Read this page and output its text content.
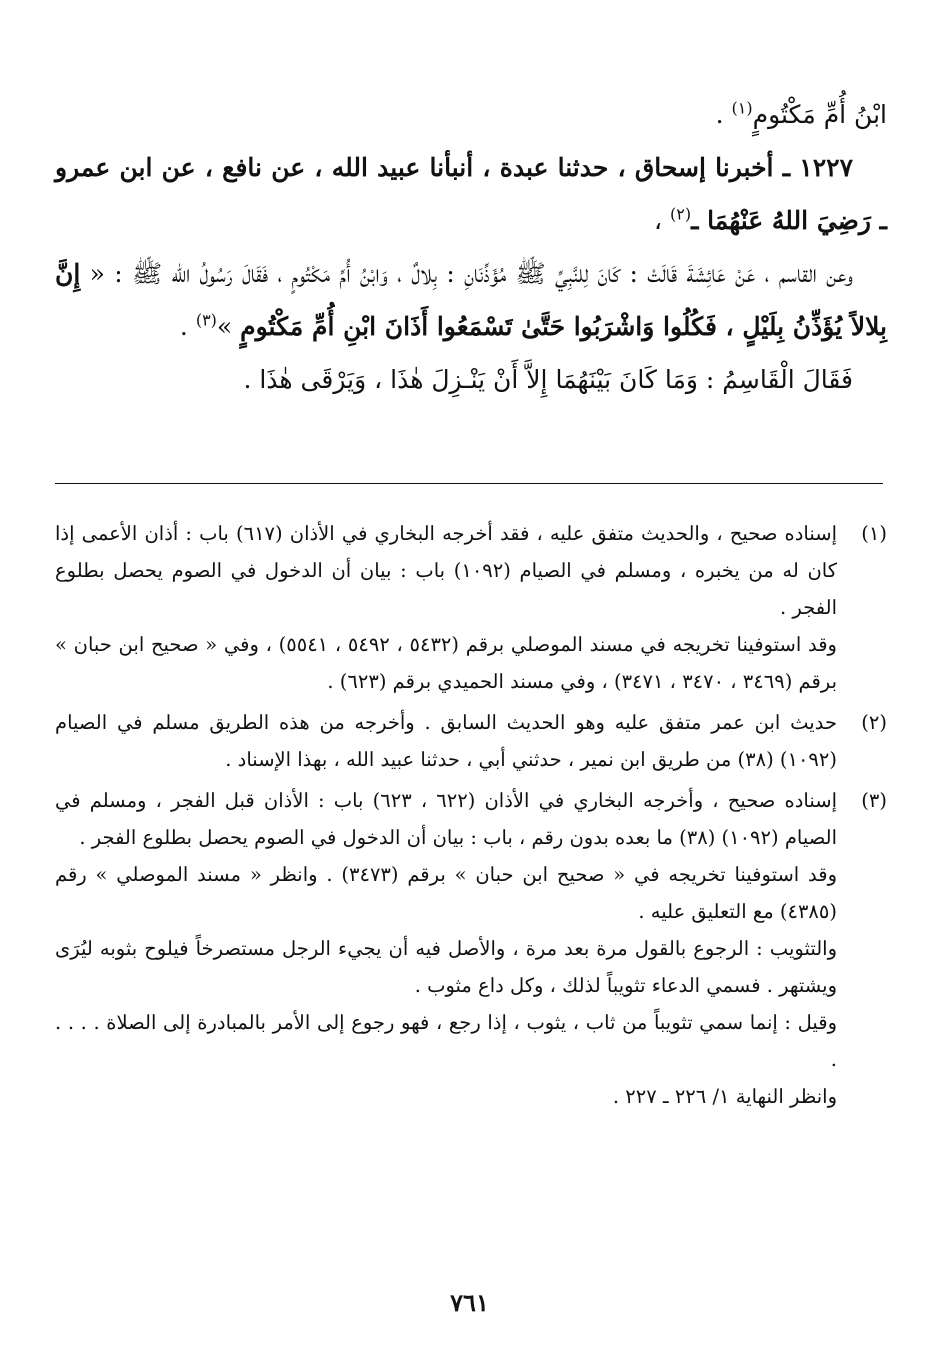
ابْنُ أُمِّ مَكْتُومٍ$^{(١)}$ .

١٢٢٧ ـ أخبرنا إسحاق ، حدثنا عبدة ، أنبأنا عبيد الله ، عن نافع ، عن ابن عمرو ـ رَضِيَ اللهُ عَنْهُمَا ـ$^{(٢)}$ ،

وعن القاسم ، عَنْ عَائِشَةَ قَالَتْ : كَانَ لِلنَّبِيِّ ﷺ مُؤَذِّنَانِ : بِلالٌ ، وَابْنُ أُمِّ مَكْتُومٍ ، فَقَالَ رَسُولُ الله ﷺ : « إِنَّ بِلالاً يُؤَذِّنُ بِلَيْلٍ ، فَكُلُوا وَاشْرَبُوا حَتَّىٰ تَسْمَعُوا أَذَانَ ابْنِ أُمِّ مَكْتُومٍ »$^{(٣)}$ .

فَقَالَ الْقَاسِمُ : وَمَا كَانَ بَيْنَهُمَا إِلاَّ أَنْ يَنْـزِلَ هٰذَا ، وَيَرْقَى هٰذَا .

(١)

إسناده صحيح ، والحديث متفق عليه ، فقد أخرجه البخاري في الأذان (٦١٧) باب : أذان الأعمى إذا كان له من يخبره ، ومسلم في الصيام (١٠٩٢) باب : بيان أن الدخول في الصوم يحصل بطلوع الفجر .

وقد استوفينا تخريجه في مسند الموصلي برقم (٥٤٣٢ ، ٥٤٩٢ ، ٥٥٤١) ، وفي « صحيح ابن حبان » برقم (٣٤٦٩ ، ٣٤٧٠ ، ٣٤٧١) ، وفي مسند الحميدي برقم (٦٢٣) .

(٢)

حديث ابن عمر متفق عليه وهو الحديث السابق . وأخرجه من هذه الطريق مسلم في الصيام (١٠٩٢) (٣٨) من طريق ابن نمير ، حدثني أبي ، حدثنا عبيد الله ، بهذا الإسناد .

(٣)

إسناده صحيح ، وأخرجه البخاري في الأذان (٦٢٢ ، ٦٢٣) باب : الأذان قبل الفجر ، ومسلم في الصيام (١٠٩٢) (٣٨) ما بعده بدون رقم ، باب : بيان أن الدخول في الصوم يحصل بطلوع الفجر .

وقد استوفينا تخريجه في « صحيح ابن حبان » برقم (٣٤٧٣) . وانظر « مسند الموصلي » رقم (٤٣٨٥) مع التعليق عليه .

والتثويب : الرجوع بالقول مرة بعد مرة ، والأصل فيه أن يجيء الرجل مستصرخاً فيلوح بثوبه ليُرَى ويشتهر . فسمي الدعاء تثويباً لذلك ، وكل داع مثوب .

وقيل : إنما سمي تثويباً من ثاب ، يثوب ، إذا رجع ، فهو رجوع إلى الأمر بالمبادرة إلى الصلاة . . . . .

وانظر النهاية ١/ ٢٢٦ ـ ٢٢٧ .

٧٦١
